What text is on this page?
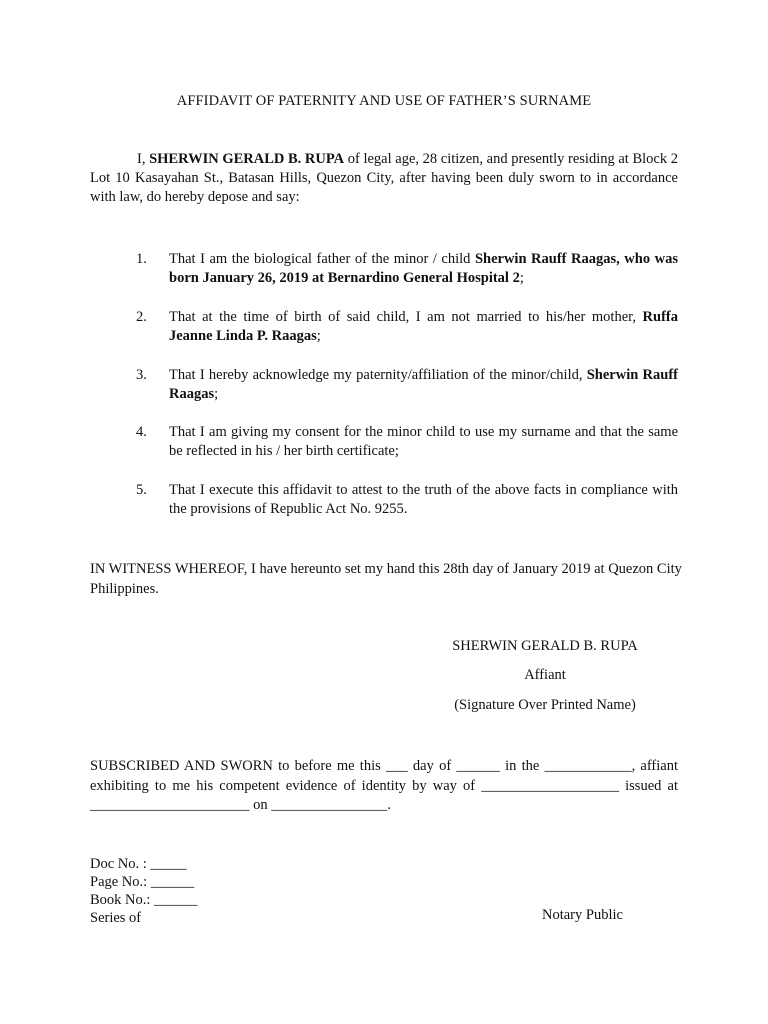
AFFIDAVIT OF PATERNITY AND USE OF FATHER’S SURNAME

I, SHERWIN GERALD B. RUPA of legal age, 28 citizen, and presently residing at Block 2 Lot 10 Kasayahan St., Batasan Hills, Quezon City, after having been duly sworn to in accordance with law, do hereby depose and say:

1. That I am the biological father of the minor / child Sherwin Rauff Raagas, who was born January 26, 2019 at Bernardino General Hospital 2;

2. That at the time of birth of said child, I am not married to his/her mother, Ruffa Jeanne Linda P. Raagas;

3. That I hereby acknowledge my paternity/affiliation of the minor/child, Sherwin Rauff Raagas;

4. That I am giving my consent for the minor child to use my surname and that the same be reflected in his / her birth certificate;

5. That I execute this affidavit to attest to the truth of the above facts in compliance with the provisions of Republic Act No. 9255.

IN WITNESS WHEREOF, I have hereunto set my hand this 28th day of January 2019 at Quezon City Philippines.

SHERWIN GERALD B. RUPA
Affiant
(Signature Over Printed Name)

SUBSCRIBED AND SWORN to before me this ___ day of ______ in the ____________, affiant exhibiting to me his competent evidence of identity by way of ___________________ issued at ______________________ on ________________.

Doc No. : _____
Page No.: ______
Book No.: ______
Series of	Notary Public
